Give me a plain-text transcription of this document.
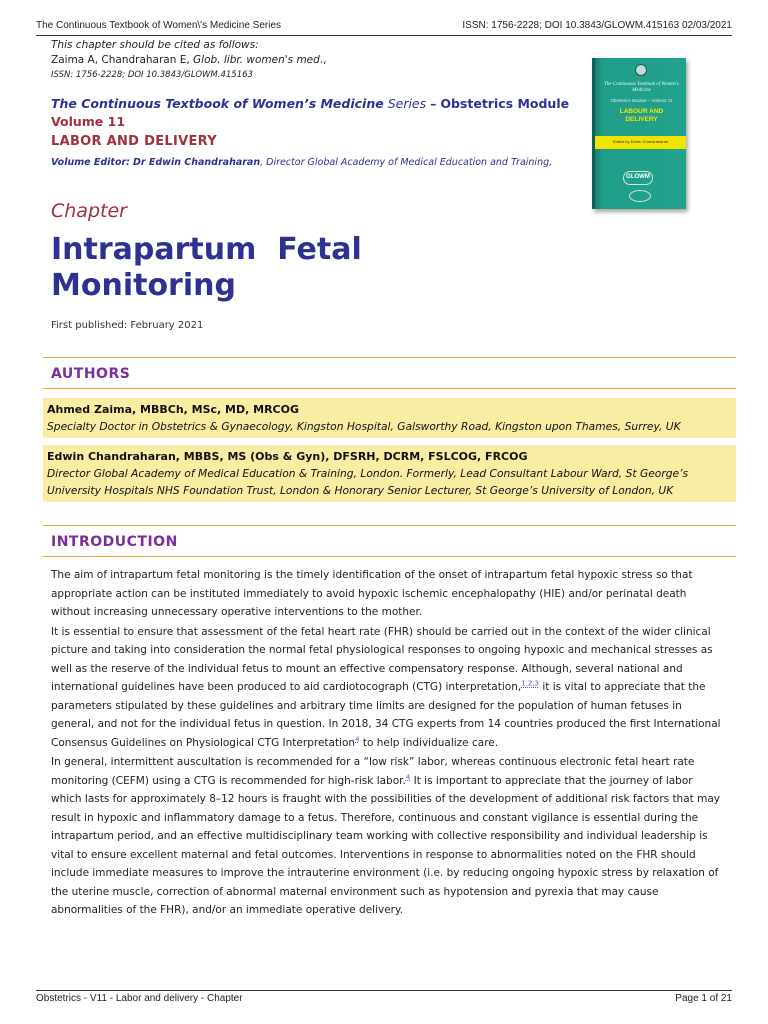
The Continuous Textbook of Women\'s Medicine Series	ISSN: 1756-2228; DOI 10.3843/GLOWM.415163 02/03/2021
This chapter should be cited as follows:
Zaima A, Chandraharan E, Glob. libr. women's med.,
ISSN: 1756-2228; DOI 10.3843/GLOWM.415163
The Continuous Textbook of Women’s Medicine Series – Obstetrics Module
Volume 11
LABOR AND DELIVERY
Volume Editor: Dr Edwin Chandraharan, Director Global Academy of Medical Education and Training,
The Continuous Textbook of Women's Medicine
Obstetrics Module – Volume 11
LABOUR AND DELIVERY
Edited by Edwin Chandraharan
GLOWM
Chapter
Intrapartum  Fetal
Monitoring
First published: February 2021
AUTHORS
Ahmed Zaima, MBBCh, MSc, MD, MRCOG
Specialty Doctor in Obstetrics & Gynaecology, Kingston Hospital, Galsworthy Road, Kingston upon Thames, Surrey, UK
Edwin Chandraharan, MBBS, MS (Obs & Gyn), DFSRH, DCRM, FSLCOG, FRCOG
Director Global Academy of Medical Education & Training, London. Formerly, Lead Consultant Labour Ward, St George’s
University Hospitals NHS Foundation Trust, London & Honorary Senior Lecturer, St George’s University of London, UK
INTRODUCTION

The aim of intrapartum fetal monitoring is the timely identification of the onset of intrapartum fetal hypoxic stress so that appropriate action can be instituted immediately to avoid hypoxic ischemic encephalopathy (HIE) and/or perinatal death without increasing unnecessary operative interventions to the mother.

It is essential to ensure that assessment of the fetal heart rate (FHR) should be carried out in the context of the wider clinical picture and taking into consideration the normal fetal physiological responses to ongoing hypoxic and mechanical stresses as well as the reserve of the individual fetus to mount an effective compensatory response. Although, several national and international guidelines have been produced to aid cardiotocograph (CTG) interpretation,$^{1,2,3}$ it is vital to appreciate that the parameters stipulated by these guidelines and arbitrary time limits are designed for the population of human fetuses in general, and not for the individual fetus in question. In 2018, 34 CTG experts from 14 countries produced the first International Consensus Guidelines on Physiological CTG Interpretation$^4$ to help individualize care.

In general, intermittent auscultation is recommended for a “low risk” labor, whereas continuous electronic fetal heart rate monitoring (CEFM) using a CTG is recommended for high-risk labor.$^4$ It is important to appreciate that the journey of labor which lasts for approximately 8–12 hours is fraught with the possibilities of the development of additional risk factors that may result in hypoxic and inflammatory damage to a fetus. Therefore, continuous and constant vigilance is essential during the intrapartum period, and an effective multidisciplinary team working with collective responsibility and individual leadership is vital to ensure excellent maternal and fetal outcomes. Interventions in response to abnormalities noted on the FHR should include immediate measures to improve the intrauterine environment (i.e. by reducing ongoing hypoxic stress by relaxation of the uterine muscle, correction of abnormal maternal environment such as hypotension and pyrexia that may cause abnormalities of the FHR), and/or an immediate operative delivery.

Obstetrics - V11 - Labor and delivery - Chapter	Page 1 of 21
